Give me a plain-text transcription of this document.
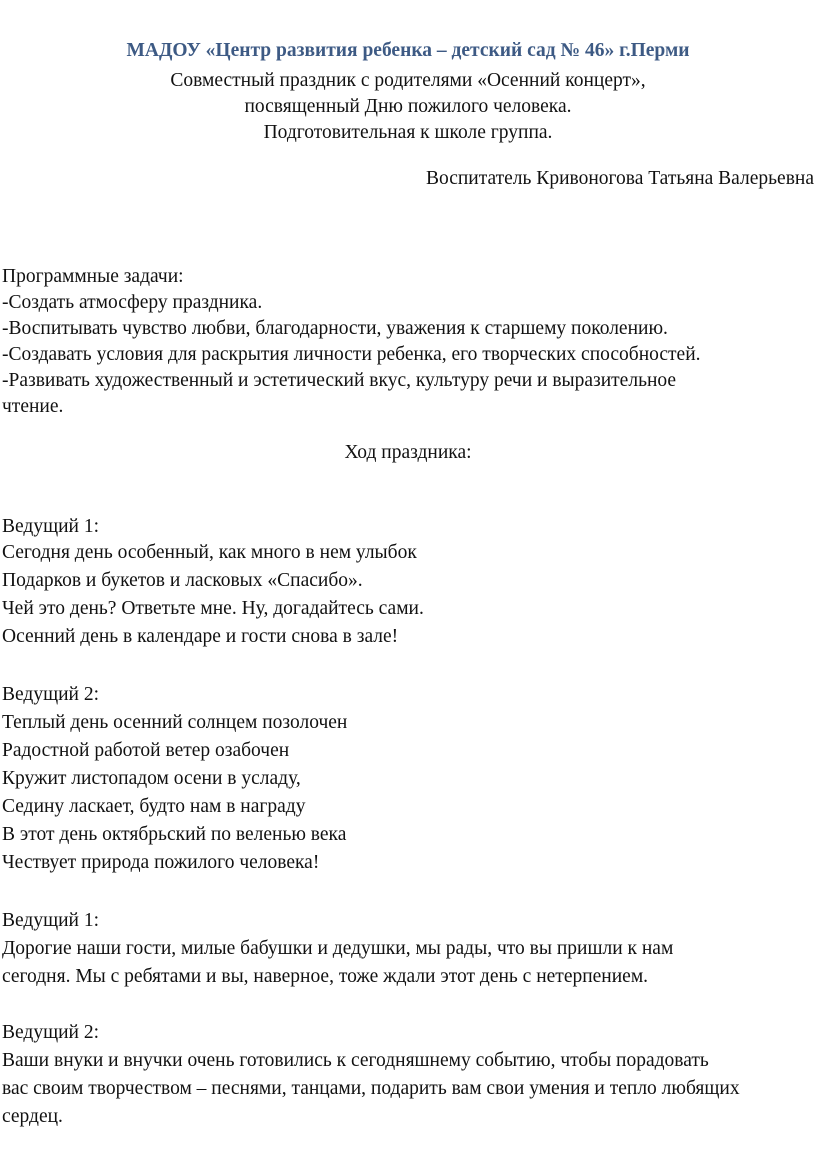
МАДОУ «Центр развития ребенка – детский сад № 46» г.Перми
Совместный праздник с родителями «Осенний концерт»,
посвященный Дню пожилого человека.
Подготовительная к школе группа.
Воспитатель Кривоногова Татьяна Валерьевна
Программные задачи:
-Создать атмосферу праздника.
-Воспитывать чувство любви, благодарности, уважения к старшему поколению.
-Создавать условия для раскрытия личности ребенка, его творческих способностей.
-Развивать художественный и эстетический вкус, культуру речи и выразительное
чтение.
Ход праздника:
Ведущий 1:
Сегодня день особенный, как много в нем улыбок
Подарков и букетов и ласковых «Спасибо».
Чей это день? Ответьте мне. Ну, догадайтесь сами.
Осенний день в календаре и гости снова в зале!
Ведущий 2:
Теплый день осенний солнцем позолочен
Радостной работой ветер озабочен
Кружит листопадом осени в усладу,
Седину ласкает, будто нам в награду
В этот день октябрьский по веленью века
Чествует природа пожилого человека!
Ведущий 1:
Дорогие наши гости, милые бабушки и дедушки, мы рады, что вы пришли к нам
сегодня. Мы с ребятами и вы, наверное, тоже ждали этот день с нетерпением.
Ведущий 2:
Ваши внуки и внучки очень готовились к сегодняшнему событию, чтобы порадовать
вас своим творчеством – песнями, танцами, подарить вам свои умения и тепло любящих
сердец.
